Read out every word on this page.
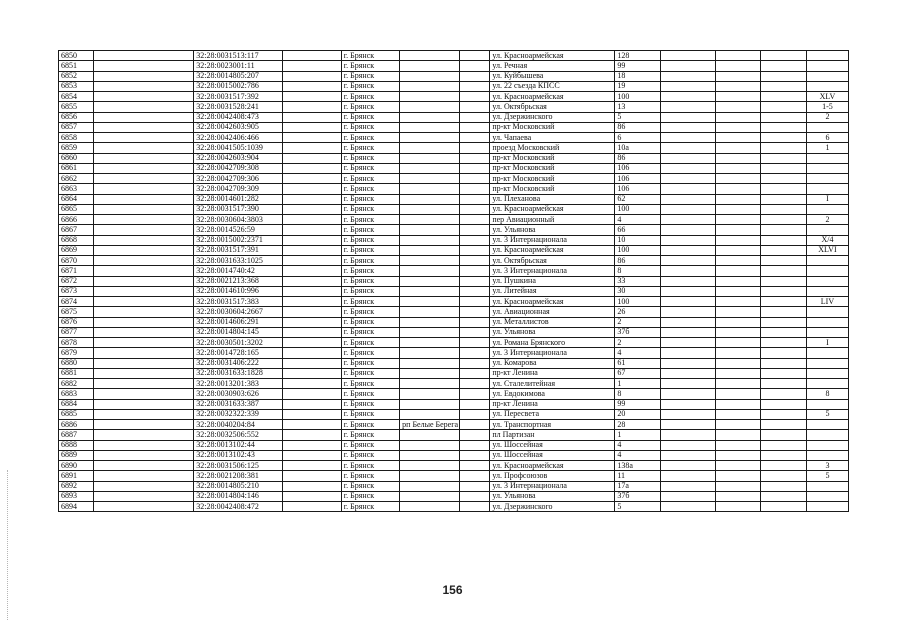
6850		32:28:0031513:117		г. Брянск			ул. Красноармейская	128				
6851		32:28:0023001:11		г. Брянск			ул. Речная	99				
6852		32:28:0014805:207		г. Брянск			ул. Куйбышева	18				
6853		32:28:0015002:786		г. Брянск			ул. 22 съезда КПСС	19				
6854		32:28:0031517:392		г. Брянск			ул. Красноармейская	100				XLV
6855		32:28:0031528:241		г. Брянск			ул. Октябрьская	13				1-5
6856		32:28:0042408:473		г. Брянск			ул. Дзержинского	5				2
6857		32:28:0042603:905		г. Брянск			пр-кт Московский	86				
6858		32:28:0042406:466		г. Брянск			ул. Чапаева	6				6
6859		32:28:0041505:1039		г. Брянск			проезд Московский	10а				1
6860		32:28:0042603:904		г. Брянск			пр-кт Московский	86				
6861		32:28:0042709:308		г. Брянск			пр-кт Московский	106				
6862		32:28:0042709:306		г. Брянск			пр-кт Московский	106				
6863		32:28:0042709:309		г. Брянск			пр-кт Московский	106				
6864		32:28:0014601:282		г. Брянск			ул. Плеханова	62				I
6865		32:28:0031517:390		г. Брянск			ул. Красноармейская	100				
6866		32:28:0030604:3803		г. Брянск			пер Авиационный	4				2
6867		32:28:0014526:59		г. Брянск			ул. Ульянова	66				
6868		32:28:0015002:2371		г. Брянск			ул. 3 Интернационала	10				X/4
6869		32:28:0031517:391		г. Брянск			ул. Красноармейская	100				XLVI
6870		32:28:0031633:1025		г. Брянск			ул. Октябрьская	86				
6871		32:28:0014740:42		г. Брянск			ул. 3 Интернационала	8				
6872		32:28:0021213:368		г. Брянск			ул. Пушкина	33				
6873		32:28:0014610:996		г. Брянск			ул. Литейная	30				
6874		32:28:0031517:383		г. Брянск			ул. Красноармейская	100				LIV
6875		32:28:0030604:2667		г. Брянск			ул. Авиационная	26				
6876		32:28:0014606:291		г. Брянск			ул. Металлистов	2				
6877		32:28:0014804:145		г. Брянск			ул. Ульянова	37б				
6878		32:28:0030501:3202		г. Брянск			ул. Романа Брянского	2				I
6879		32:28:0014728:165		г. Брянск			ул. 3 Интернационала	4				
6880		32:28:0031406:222		г. Брянск			ул. Комарова	61				
6881		32:28:0031633:1828		г. Брянск			пр-кт Ленина	67				
6882		32:28:0013201:383		г. Брянск			ул. Сталелитейная	1				
6883		32:28:0030903:626		г. Брянск			ул. Евдокимова	8				8
6884		32:28:0031633:387		г. Брянск			пр-кт Ленина	99				
6885		32:28:0032322:339		г. Брянск			ул. Пересвета	20				5
6886		32:28:0040204:84		г. Брянск	рп Белые Берега		ул. Транспортная	28				
6887		32:28:0032506:552		г. Брянск			пл Партизан	1				
6888		32:28:0013102:44		г. Брянск			ул. Шоссейная	4				
6889		32:28:0013102:43		г. Брянск			ул. Шоссейная	4				
6890		32:28:0031506:125		г. Брянск			ул. Красноармейская	138а				3
6891		32:28:0021208:381		г. Брянск			ул. Профсоюзов	11				5
6892		32:28:0014805:210		г. Брянск			ул. 3 Интернационала	17а				
6893		32:28:0014804:146		г. Брянск			ул. Ульянова	37б				
6894		32:28:0042408:472		г. Брянск			ул. Дзержинского	5				
156
